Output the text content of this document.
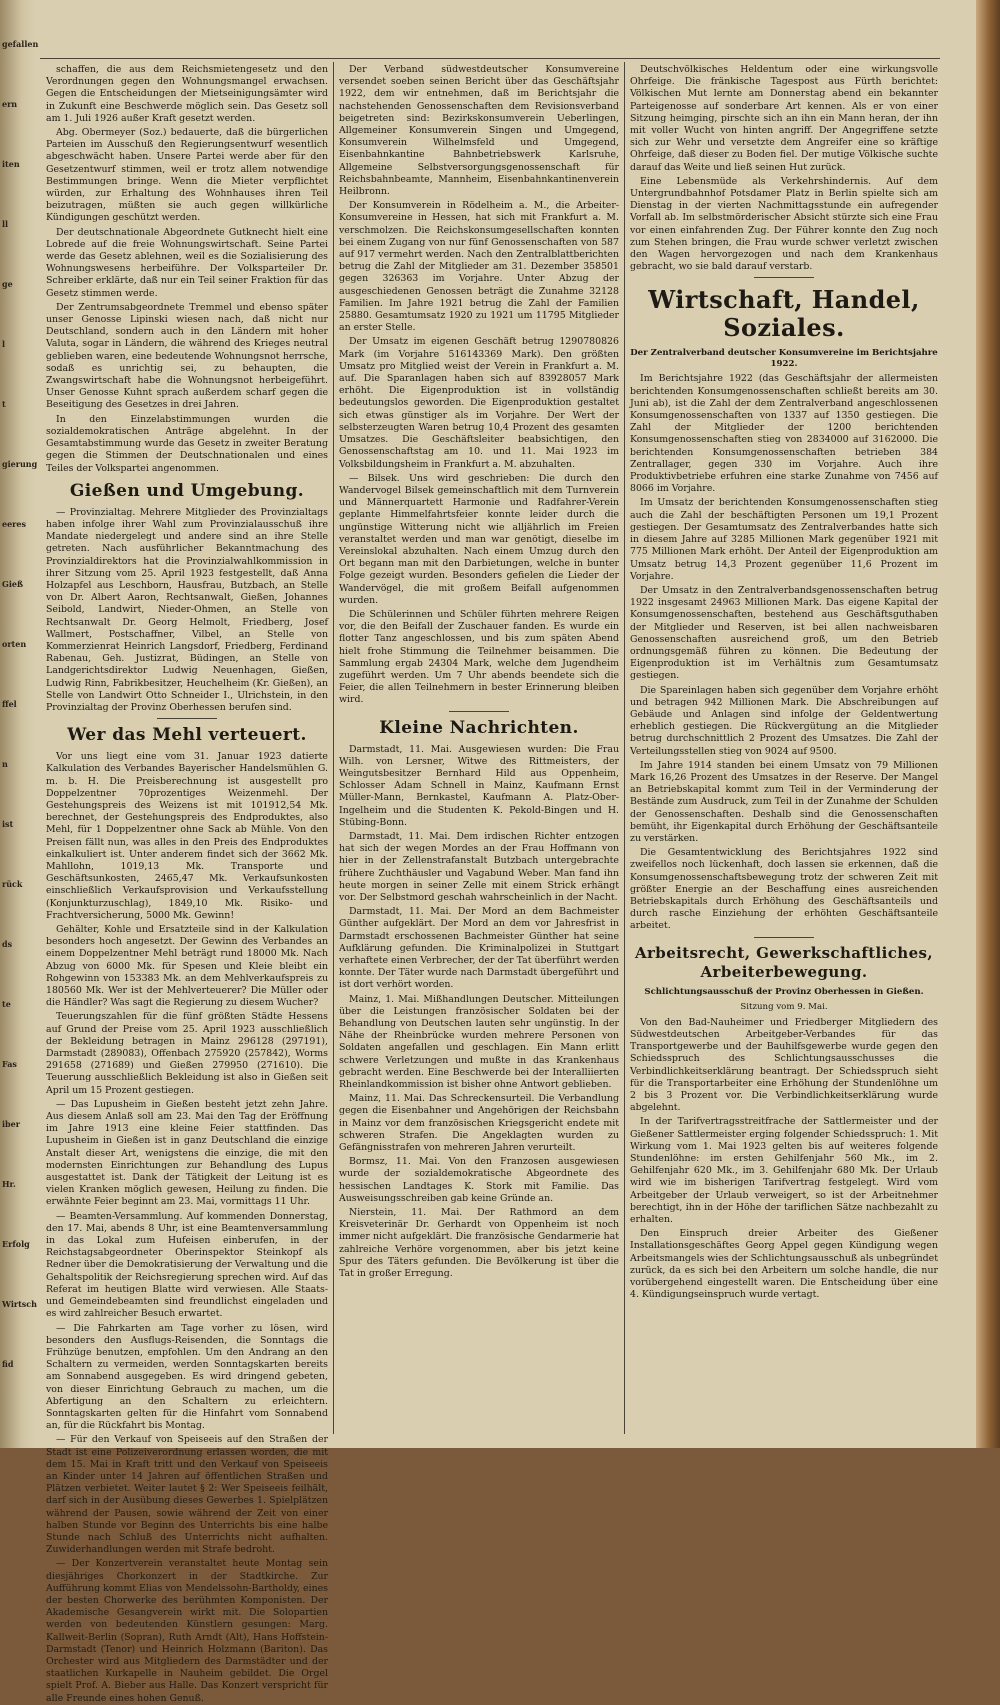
gefallen
ern
iten
ll
ge
l
t
gierung
eeres
Gieß
orten
ffel
n
ist
rück
ds
te
Fas
iber
Hr.
Erfolg
Wirtsch
fid

schaffen, die aus dem Reichsmietengesetz und den Verordnungen gegen den Wohnungsmangel erwachsen. Gegen die Entscheidungen der Mietseinigungsämter wird in Zukunft eine Beschwerde möglich sein. Das Gesetz soll am 1. Juli 1926 außer Kraft gesetzt werden.

Abg. Obermeyer (Soz.) bedauerte, daß die bürgerlichen Parteien im Ausschuß den Regierungsentwurf wesentlich abgeschwächt haben. Unsere Partei werde aber für den Gesetzentwurf stimmen, weil er trotz allem notwendige Bestimmungen bringe. Wenn die Mieter verpflichtet würden, zur Erhaltung des Wohnhauses ihren Teil beizutragen, müßten sie auch gegen willkürliche Kündigungen geschützt werden.

Der deutschnationale Abgeordnete Gutknecht hielt eine Lobrede auf die freie Wohnungswirtschaft. Seine Partei werde das Gesetz ablehnen, weil es die Sozialisierung des Wohnungswesens herbeiführe. Der Volksparteiler Dr. Schreiber erklärte, daß nur ein Teil seiner Fraktion für das Gesetz stimmen werde.

Der Zentrumsabgeordnete Tremmel und ebenso später unser Genosse Lipinski wiesen nach, daß nicht nur Deutschland, sondern auch in den Ländern mit hoher Valuta, sogar in Ländern, die während des Krieges neutral geblieben waren, eine bedeutende Wohnungsnot herrsche, sodaß es unrichtig sei, zu behaupten, die Zwangswirtschaft habe die Wohnungsnot herbeigeführt. Unser Genosse Kuhnt sprach außerdem scharf gegen die Beseitigung des Gesetzes in drei Jahren.

In den Einzelabstimmungen wurden die sozialdemokratischen Anträge abgelehnt. In der Gesamtabstimmung wurde das Gesetz in zweiter Beratung gegen die Stimmen der Deutschnationalen und eines Teiles der Volkspartei angenommen.

Gießen und Umgebung.

— Provinzialtag. Mehrere Mitglieder des Provinzialtags haben infolge ihrer Wahl zum Provinzialausschuß ihre Mandate niedergelegt und andere sind an ihre Stelle getreten. Nach ausführlicher Bekanntmachung des Provinzialdirektors hat die Provinzialwahlkommission in ihrer Sitzung vom 25. April 1923 festgestellt, daß Anna Holzapfel aus Leschborn, Hausfrau, Butzbach, an Stelle von Dr. Albert Aaron, Rechtsanwalt, Gießen, Johannes Seibold, Landwirt, Nieder-Ohmen, an Stelle von Rechtsanwalt Dr. Georg Helmolt, Friedberg, Josef Wallmert, Postschaffner, Vilbel, an Stelle von Kommerzienrat Heinrich Langsdorf, Friedberg, Ferdinand Rabenau, Geh. Justizrat, Büdingen, an Stelle von Landgerichtsdirektor Ludwig Neuenhagen, Gießen, Ludwig Rinn, Fabrikbesitzer, Heuchelheim (Kr. Gießen), an Stelle von Landwirt Otto Schneider I., Ulrichstein, in den Provinzialtag der Provinz Oberhessen berufen sind.

Wer das Mehl verteuert.

Vor uns liegt eine vom 31. Januar 1923 datierte Kalkulation des Verbandes Bayerischer Handelsmühlen G. m. b. H. Die Preisberechnung ist ausgestellt pro Doppelzentner 70prozentiges Weizenmehl. Der Gestehungspreis des Weizens ist mit 101912,54 Mk. berechnet, der Gestehungspreis des Endproduktes, also Mehl, für 1 Doppelzentner ohne Sack ab Mühle. Von den Preisen fällt nun, was alles in den Preis des Endproduktes einkalkuliert ist. Unter anderem findet sich der 3662 Mk. Mahllohn, 1019,13 Mk. Transporte und Geschäftsunkosten, 2465,47 Mk. Verkaufsunkosten einschließlich Verkaufsprovision und Verkaufsstellung (Konjunkturzuschlag), 1849,10 Mk. Risiko- und Frachtversicherung, 5000 Mk. Gewinn!

Gehälter, Kohle und Ersatzteile sind in der Kalkulation besonders hoch angesetzt. Der Gewinn des Verbandes an einem Doppelzentner Mehl beträgt rund 18000 Mk. Nach Abzug von 6000 Mk. für Spesen und Kleie bleibt ein Rohgewinn von 153383 Mk. an dem Mehlverkaufspreis zu 180560 Mk. Wer ist der Mehlverteuerer? Die Müller oder die Händler? Was sagt die Regierung zu diesem Wucher?

Teuerungszahlen für die fünf größten Städte Hessens auf Grund der Preise vom 25. April 1923 ausschließlich der Bekleidung betragen in Mainz 296128 (297191), Darmstadt (289083), Offenbach 275920 (257842), Worms 291658 (271689) und Gießen 279950 (271610). Die Teuerung ausschließlich Bekleidung ist also in Gießen seit April um 15 Prozent gestiegen.

— Das Lupusheim in Gießen besteht jetzt zehn Jahre. Aus diesem Anlaß soll am 23. Mai den Tag der Eröffnung im Jahre 1913 eine kleine Feier stattfinden. Das Lupusheim in Gießen ist in ganz Deutschland die einzige Anstalt dieser Art, wenigstens die einzige, die mit den modernsten Einrichtungen zur Behandlung des Lupus ausgestattet ist. Dank der Tätigkeit der Leitung ist es vielen Kranken möglich gewesen, Heilung zu finden. Die erwähnte Feier beginnt am 23. Mai, vormittags 11 Uhr.

— Beamten-Versammlung. Auf kommenden Donnerstag, den 17. Mai, abends 8 Uhr, ist eine Beamtenversammlung in das Lokal zum Hufeisen einberufen, in der Reichstagsabgeordneter Oberinspektor Steinkopf als Redner über die Demokratisierung der Verwaltung und die Gehaltspolitik der Reichsregierung sprechen wird. Auf das Referat im heutigen Blatte wird verwiesen. Alle Staats- und Gemeindebeamten sind freundlichst eingeladen und es wird zahlreicher Besuch erwartet.

— Die Fahrkarten am Tage vorher zu lösen, wird besonders den Ausflugs-Reisenden, die Sonntags die Frühzüge benutzen, empfohlen. Um den Andrang an den Schaltern zu vermeiden, werden Sonntagskarten bereits am Sonnabend ausgegeben. Es wird dringend gebeten, von dieser Einrichtung Gebrauch zu machen, um die Abfertigung an den Schaltern zu erleichtern. Sonntagskarten gelten für die Hinfahrt vom Sonnabend an, für die Rückfahrt bis Montag.

— Für den Verkauf von Speiseeis auf den Straßen der Stadt ist eine Polizeiverordnung erlassen worden, die mit dem 15. Mai in Kraft tritt und den Verkauf von Speiseeis an Kinder unter 14 Jahren auf öffentlichen Straßen und Plätzen verbietet. Weiter lautet § 2: Wer Speiseeis feilhält, darf sich in der Ausübung dieses Gewerbes 1. Spielplätzen während der Pausen, sowie während der Zeit von einer halben Stunde vor Beginn des Unterrichts bis eine halbe Stunde nach Schluß des Unterrichts nicht aufhalten. Zuwiderhandlungen werden mit Strafe bedroht.

— Der Konzertverein veranstaltet heute Montag sein diesjähriges Chorkonzert in der Stadtkirche. Zur Aufführung kommt Elias von Mendelssohn-Bartholdy, eines der besten Chorwerke des berühmten Komponisten. Der Akademische Gesangverein wirkt mit. Die Solopartien werden von bedeutenden Künstlern gesungen: Marg. Kallweit-Berlin (Sopran), Ruth Arndt (Alt), Hans Hoffstein-Darmstadt (Tenor) und Heinrich Holzmann (Bariton). Das Orchester wird aus Mitgliedern des Darmstädter und der staatlichen Kurkapelle in Nauheim gebildet. Die Orgel spielt Prof. A. Bieber aus Halle. Das Konzert verspricht für alle Freunde eines hohen Genuß.

Der Verband südwestdeutscher Konsumvereine versendet soeben seinen Bericht über das Geschäftsjahr 1922, dem wir entnehmen, daß im Berichtsjahr die nachstehenden Genossenschaften dem Revisionsverband beigetreten sind: Bezirkskonsumverein Ueberlingen, Allgemeiner Konsumverein Singen und Umgegend, Konsumverein Wilhelmsfeld und Umgegend, Eisenbahnkantine Bahnbetriebswerk Karlsruhe, Allgemeine Selbstversorgungsgenossenschaft für Reichsbahnbeamte, Mannheim, Eisenbahnkantinenverein Heilbronn.

Der Konsumverein in Rödelheim a. M., die Arbeiter-Konsumvereine in Hessen, hat sich mit Frankfurt a. M. verschmolzen. Die Reichskonsumgesellschaften konnten bei einem Zugang von nur fünf Genossenschaften von 587 auf 917 vermehrt werden. Nach den Zentralblattberichten betrug die Zahl der Mitglieder am 31. Dezember 358501 gegen 326363 im Vorjahre. Unter Abzug der ausgeschiedenen Genossen beträgt die Zunahme 32128 Familien. Im Jahre 1921 betrug die Zahl der Familien 25880. Gesamtumsatz 1920 zu 1921 um 11795 Mitglieder an erster Stelle.

Der Umsatz im eigenen Geschäft betrug 1290780826 Mark (im Vorjahre 516143369 Mark). Den größten Umsatz pro Mitglied weist der Verein in Frankfurt a. M. auf. Die Sparanlagen haben sich auf 83928057 Mark erhöht. Die Eigenproduktion ist in vollständig bedeutungslos geworden. Die Eigenproduktion gestaltet sich etwas günstiger als im Vorjahre. Der Wert der selbsterzeugten Waren betrug 10,4 Prozent des gesamten Umsatzes. Die Geschäftsleiter beabsichtigen, den Genossenschaftstag am 10. und 11. Mai 1923 im Volksbildungsheim in Frankfurt a. M. abzuhalten.

— Bilsek. Uns wird geschrieben: Die durch den Wandervogel Bilsek gemeinschaftlich mit dem Turnverein und Männerquartett Harmonie und Radfahrer-Verein geplante Himmelfahrtsfeier konnte leider durch die ungünstige Witterung nicht wie alljährlich im Freien veranstaltet werden und man war genötigt, dieselbe im Vereinslokal abzuhalten. Nach einem Umzug durch den Ort begann man mit den Darbietungen, welche in bunter Folge gezeigt wurden. Besonders gefielen die Lieder der Wandervögel, die mit großem Beifall aufgenommen wurden.

Die Schülerinnen und Schüler führten mehrere Reigen vor, die den Beifall der Zuschauer fanden. Es wurde ein flotter Tanz angeschlossen, und bis zum späten Abend hielt frohe Stimmung die Teilnehmer beisammen. Die Sammlung ergab 24304 Mark, welche dem Jugendheim zugeführt werden. Um 7 Uhr abends beendete sich die Feier, die allen Teilnehmern in bester Erinnerung bleiben wird.

Kleine Nachrichten.

Darmstadt, 11. Mai. Ausgewiesen wurden: Die Frau Wilh. von Lersner, Witwe des Rittmeisters, der Weingutsbesitzer Bernhard Hild aus Oppenheim, Schlosser Adam Schnell in Mainz, Kaufmann Ernst Müller-Mann, Bernkastel, Kaufmann A. Platz-Ober-Ingelheim und die Studenten K. Pekold-Bingen und H. Stübing-Bonn.

Darmstadt, 11. Mai. Dem irdischen Richter entzogen hat sich der wegen Mordes an der Frau Hoffmann von hier in der Zellenstrafanstalt Butzbach untergebrachte frühere Zuchthäusler und Vagabund Weber. Man fand ihn heute morgen in seiner Zelle mit einem Strick erhängt vor. Der Selbstmord geschah wahrscheinlich in der Nacht.

Darmstadt, 11. Mai. Der Mord an dem Bachmeister Günther aufgeklärt. Der Mord an dem vor Jahresfrist in Darmstadt erschossenen Bachmeister Günther hat seine Aufklärung gefunden. Die Kriminalpolizei in Stuttgart verhaftete einen Verbrecher, der der Tat überführt werden konnte. Der Täter wurde nach Darmstadt übergeführt und ist dort verhört worden.

Mainz, 1. Mai. Mißhandlungen Deutscher. Mitteilungen über die Leistungen französischer Soldaten bei der Behandlung von Deutschen lauten sehr ungünstig. In der Nähe der Rheinbrücke wurden mehrere Personen von Soldaten angefallen und geschlagen. Ein Mann erlitt schwere Verletzungen und mußte in das Krankenhaus gebracht werden. Eine Beschwerde bei der Interalliierten Rheinlandkommission ist bisher ohne Antwort geblieben.

Mainz, 11. Mai. Das Schreckensurteil. Die Verbandlung gegen die Eisenbahner und Angehörigen der Reichsbahn in Mainz vor dem französischen Kriegsgericht endete mit schweren Strafen. Die Angeklagten wurden zu Gefängnisstrafen von mehreren Jahren verurteilt.

Bormsz, 11. Mai. Von den Franzosen ausgewiesen wurde der sozialdemokratische Abgeordnete des hessischen Landtages K. Stork mit Familie. Das Ausweisungsschreiben gab keine Gründe an.

Nierstein, 11. Mai. Der Rathmord an dem Kreisveterinär Dr. Gerhardt von Oppenheim ist noch immer nicht aufgeklärt. Die französische Gendarmerie hat zahlreiche Verhöre vorgenommen, aber bis jetzt keine Spur des Täters gefunden. Die Bevölkerung ist über die Tat in großer Erregung.

Deutschvölkisches Heldentum oder eine wirkungsvolle Ohrfeige. Die fränkische Tagespost aus Fürth berichtet: Völkischen Mut lernte am Donnerstag abend ein bekannter Parteigenosse auf sonderbare Art kennen. Als er von einer Sitzung heimging, pirschte sich an ihn ein Mann heran, der ihn mit voller Wucht von hinten angriff. Der Angegriffene setzte sich zur Wehr und versetzte dem Angreifer eine so kräftige Ohrfeige, daß dieser zu Boden fiel. Der mutige Völkische suchte darauf das Weite und ließ seinen Hut zurück.

Eine Lebensmüde als Verkehrshindernis. Auf dem Untergrundbahnhof Potsdamer Platz in Berlin spielte sich am Dienstag in der vierten Nachmittagsstunde ein aufregender Vorfall ab. Im selbstmörderischer Absicht stürzte sich eine Frau vor einen einfahrenden Zug. Der Führer konnte den Zug noch zum Stehen bringen, die Frau wurde schwer verletzt zwischen den Wagen hervorgezogen und nach dem Krankenhaus gebracht, wo sie bald darauf verstarb.

Wirtschaft, Handel, Soziales.
Der Zentralverband deutscher Konsumvereine im Berichtsjahre 1922.

Im Berichtsjahre 1922 (das Geschäftsjahr der allermeisten berichtenden Konsumgenossenschaften schließt bereits am 30. Juni ab), ist die Zahl der dem Zentralverband angeschlossenen Konsumgenossenschaften von 1337 auf 1350 gestiegen. Die Zahl der Mitglieder der 1200 berichtenden Konsumgenossenschaften stieg von 2834000 auf 3162000. Die berichtenden Konsumgenossenschaften betrieben 384 Zentrallager, gegen 330 im Vorjahre. Auch ihre Produktivbetriebe erfuhren eine starke Zunahme von 7456 auf 8066 im Vorjahre.

Im Umsatz der berichtenden Konsumgenossenschaften stieg auch die Zahl der beschäftigten Personen um 19,1 Prozent gestiegen. Der Gesamtumsatz des Zentralverbandes hatte sich in diesem Jahre auf 3285 Millionen Mark gegenüber 1921 mit 775 Millionen Mark erhöht. Der Anteil der Eigenproduktion am Umsatz betrug 14,3 Prozent gegenüber 11,6 Prozent im Vorjahre.

Der Umsatz in den Zentralverbandsgenossenschaften betrug 1922 insgesamt 24963 Millionen Mark. Das eigene Kapital der Konsumgenossenschaften, bestehend aus Geschäftsguthaben der Mitglieder und Reserven, ist bei allen nachweisbaren Genossenschaften ausreichend groß, um den Betrieb ordnungsgemäß führen zu können. Die Bedeutung der Eigenproduktion ist im Verhältnis zum Gesamtumsatz gestiegen.

Die Spareinlagen haben sich gegenüber dem Vorjahre erhöht und betragen 942 Millionen Mark. Die Abschreibungen auf Gebäude und Anlagen sind infolge der Geldentwertung erheblich gestiegen. Die Rückvergütung an die Mitglieder betrug durchschnittlich 2 Prozent des Umsatzes. Die Zahl der Verteilungsstellen stieg von 9024 auf 9500.

Im Jahre 1914 standen bei einem Umsatz von 79 Millionen Mark 16,26 Prozent des Umsatzes in der Reserve. Der Mangel an Betriebskapital kommt zum Teil in der Verminderung der Bestände zum Ausdruck, zum Teil in der Zunahme der Schulden der Genossenschaften. Deshalb sind die Genossenschaften bemüht, ihr Eigenkapital durch Erhöhung der Geschäftsanteile zu verstärken.

Die Gesamtentwicklung des Berichtsjahres 1922 sind zweifellos noch lückenhaft, doch lassen sie erkennen, daß die Konsumgenossenschaftsbewegung trotz der schweren Zeit mit größter Energie an der Beschaffung eines ausreichenden Betriebskapitals durch Erhöhung des Geschäftsanteils und durch rasche Einziehung der erhöhten Geschäftsanteile arbeitet.

Arbeitsrecht, Gewerkschaftliches, Arbeiterbewegung.
Schlichtungsausschuß der Provinz Oberhessen in Gießen.
Sitzung vom 9. Mai.

Von den Bad-Nauheimer und Friedberger Mitgliedern des Südwestdeutschen Arbeitgeber-Verbandes für das Transportgewerbe und der Bauhilfsgewerbe wurde gegen den Schiedsspruch des Schlichtungsausschusses die Verbindlichkeitserklärung beantragt. Der Schiedsspruch sieht für die Transportarbeiter eine Erhöhung der Stundenlöhne um 2 bis 3 Prozent vor. Die Verbindlichkeitserklärung wurde abgelehnt.

In der Tarifvertragsstreitfrache der Sattlermeister und der Gießener Sattlermeister erging folgender Schiedsspruch: 1. Mit Wirkung vom 1. Mai 1923 gelten bis auf weiteres folgende Stundenlöhne: im ersten Gehilfenjahr 560 Mk., im 2. Gehilfenjahr 620 Mk., im 3. Gehilfenjahr 680 Mk. Der Urlaub wird wie im bisherigen Tarifvertrag festgelegt. Wird vom Arbeitgeber der Urlaub verweigert, so ist der Arbeitnehmer berechtigt, ihn in der Höhe der tariflichen Sätze nachbezahlt zu erhalten.

Den Einspruch dreier Arbeiter des Gießener Installationsgeschäftes Georg Appel gegen Kündigung wegen Arbeitsmangels wies der Schlichtungsausschuß als unbegründet zurück, da es sich bei den Arbeitern um solche handle, die nur vorübergehend eingestellt waren. Die Entscheidung über eine 4. Kündigungseinspruch wurde vertagt.
